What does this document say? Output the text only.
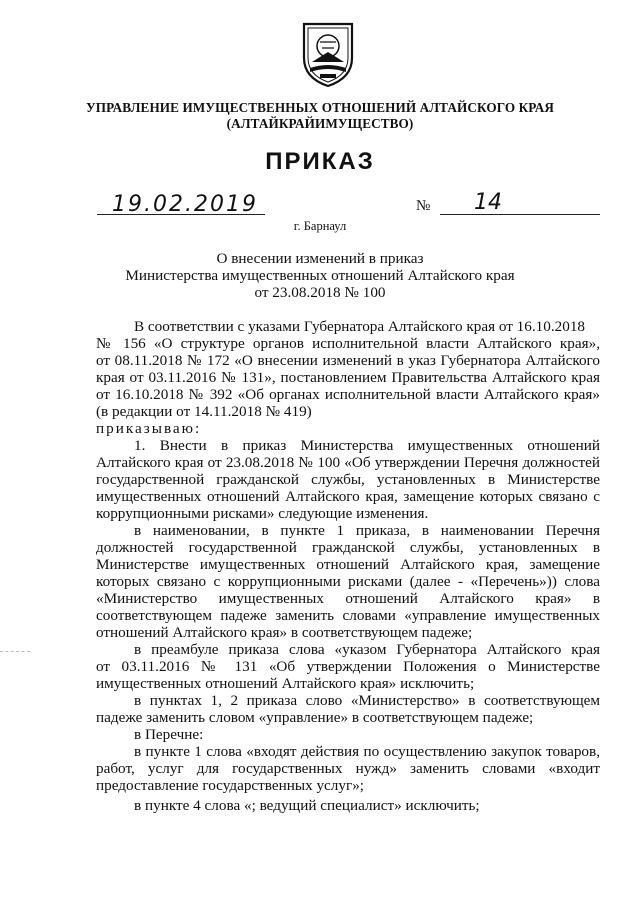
УПРАВЛЕНИЕ ИМУЩЕСТВЕННЫХ ОТНОШЕНИЙ АЛТАЙСКОГО КРАЯ
(АЛТАЙКРАЙИМУЩЕСТВО)
ПРИКАЗ
19.02.2019	№ 14
г. Барнаул
О внесении изменений в приказ
Министерства имущественных отношений Алтайского края
от 23.08.2018 № 100
В соответствии с указами Губернатора Алтайского края от 16.10.2018
№ 156 «О структуре органов исполнительной власти Алтайского края»,
от 08.11.2018 № 172 «О внесении изменений в указ Губернатора Алтайского
края от 03.11.2016 № 131», постановлением Правительства Алтайского края
от 16.10.2018 № 392 «Об органах исполнительной власти Алтайского края»
(в редакции от 14.11.2018 № 419)
приказываю:
1. Внести в приказ Министерства имущественных отношений
Алтайского края от 23.08.2018 № 100 «Об утверждении Перечня должностей
государственной гражданской службы, установленных в Министерстве
имущественных отношений Алтайского края, замещение которых связано с
коррупционными рисками» следующие изменения.
в наименовании, в пункте 1 приказа, в наименовании Перечня
должностей государственной гражданской службы, установленных в
Министерстве имущественных отношений Алтайского края, замещение
которых связано с коррупционными рисками (далее - «Перечень»)) слова
«Министерство имущественных отношений Алтайского края» в
соответствующем падеже заменить словами «управление имущественных
отношений Алтайского края» в соответствующем падеже;
в преамбуле приказа слова «указом Губернатора Алтайского края
от 03.11.2016 № 131 «Об утверждении Положения о Министерстве
имущественных отношений Алтайского края» исключить;
в пунктах 1, 2 приказа слово «Министерство» в соответствующем
падеже заменить словом «управление» в соответствующем падеже;
в Перечне:
в пункте 1 слова «входят действия по осуществлению закупок товаров,
работ, услуг для государственных нужд» заменить словами «входит
предоставление государственных услуг»;
в пункте 4 слова «; ведущий специалист» исключить;
